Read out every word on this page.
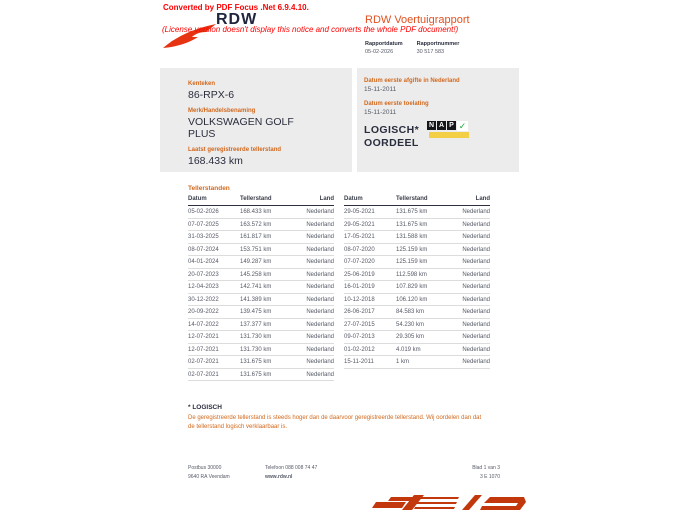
Converted by PDF Focus .Net 6.9.4.10.
(License version doesn't display this notice and converts the whole PDF document!)
RDW	RDW Voertuigrapport
Rapportdatum
05-02-2026
Rapportnummer
30 517 583
Kenteken
86-RPX-6
Merk/Handelsbenaming
VOLKSWAGEN GOLF PLUS
Laatst geregistreerde tellerstand
168.433 km
Datum eerste afgifte in Nederland
15-11-2011
Datum eerste toelating
15-11-2011
LOGISCH*
OORDEEL
N A P ✓
Tellerstanden
Datum	Tellerstand	Land
05-02-2026	168.433 km	Nederland
07-07-2025	163.572 km	Nederland
31-03-2025	161.817 km	Nederland
08-07-2024	153.751 km	Nederland
04-01-2024	149.287 km	Nederland
20-07-2023	145.258 km	Nederland
12-04-2023	142.741 km	Nederland
30-12-2022	141.389 km	Nederland
20-09-2022	139.475 km	Nederland
14-07-2022	137.377 km	Nederland
12-07-2021	131.730 km	Nederland
12-07-2021	131.730 km	Nederland
02-07-2021	131.675 km	Nederland
02-07-2021	131.675 km	Nederland
Datum	Tellerstand	Land
29-05-2021	131.675 km	Nederland
29-05-2021	131.675 km	Nederland
17-05-2021	131.588 km	Nederland
08-07-2020	125.159 km	Nederland
07-07-2020	125.159 km	Nederland
25-06-2019	112.598 km	Nederland
16-01-2019	107.829 km	Nederland
10-12-2018	106.120 km	Nederland
26-06-2017	84.583 km	Nederland
27-07-2015	54.230 km	Nederland
09-07-2013	29.305 km	Nederland
01-02-2012	4.019 km	Nederland
15-11-2011	1 km	Nederland
* LOGISCH
De geregistreerde tellerstand is steeds hoger dan de daarvoor geregistreerde tellerstand. Wij oordelen dan dat de tellerstand logisch verklaarbaar is.
Postbus 30000
9640 RA Veendam
Telefoon 088 008 74 47
www.rdw.nl
Blad 1 van 3
3 E 1070
